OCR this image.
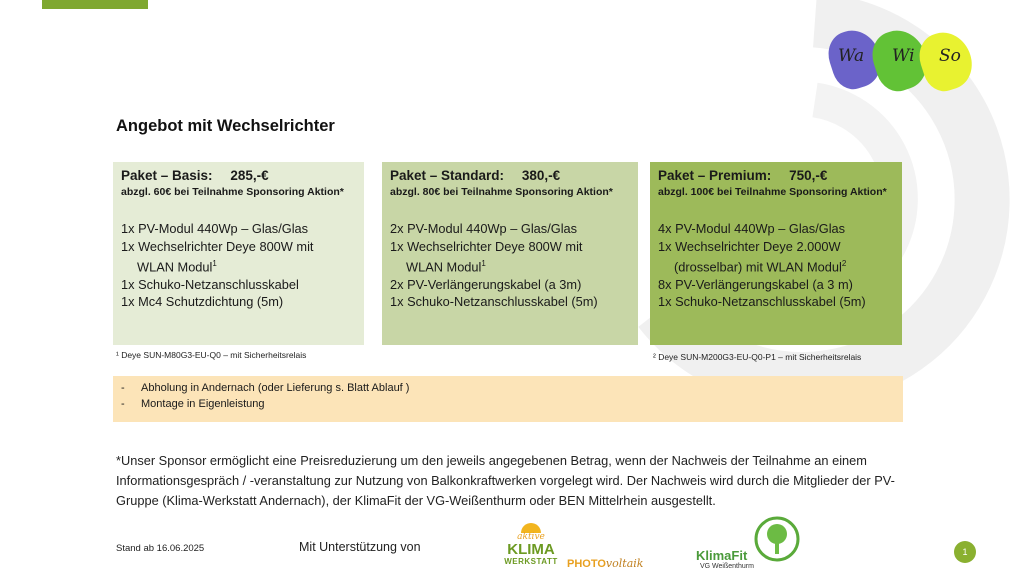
Wa Wi So
Angebot mit Wechselrichter
Paket – Basis: 285,-€
abzgl. 60€ bei Teilnahme Sponsoring Aktion*
1x PV-Modul 440Wp – Glas/Glas
1x Wechselrichter Deye 800W mit
WLAN Modul$^1$
1x Schuko-Netzanschlusskabel
1x Mc4 Schutzdichtung (5m)
Paket – Standard: 380,-€
abzgl. 80€ bei Teilnahme Sponsoring Aktion*
2x PV-Modul 440Wp – Glas/Glas
1x Wechselrichter Deye 800W mit
WLAN Modul$^1$
2x PV-Verlängerungskabel (a 3m)
1x Schuko-Netzanschlusskabel (5m)
Paket – Premium: 750,-€
abzgl. 100€ bei Teilnahme Sponsoring Aktion*
4x PV-Modul 440Wp – Glas/Glas
1x Wechselrichter Deye 2.000W
(drosselbar) mit WLAN Modul$^2$
8x PV-Verlängerungskabel (a 3 m)
1x Schuko-Netzanschlusskabel (5m)
¹ Deye SUN-M80G3-EU-Q0 – mit Sicherheitsrelais	² Deye SUN-M200G3-EU-Q0-P1 – mit Sicherheitsrelais
- Abholung in Andernach (oder Lieferung s. Blatt Ablauf )
- Montage in Eigenleistung
*Unser Sponsor ermöglicht eine Preisreduzierung um den jeweils angegebenen Betrag, wenn der Nachweis der Teilnahme an einem Informationsgespräch / -veranstaltung zur Nutzung von Balkonkraftwerken vorgelegt wird. Der Nachweis wird durch die Mitglieder der PV-Gruppe (Klima-Werkstatt Andernach), der KlimaFit der VG-Weißenthurm oder BEN Mittelrhein ausgestellt.
Stand ab 16.06.2025	Mit Unterstützung von
aktive
KLIMA
WERKSTATT PHOTOvoltaik
KlimaFit
VG Weißenthurm
1
